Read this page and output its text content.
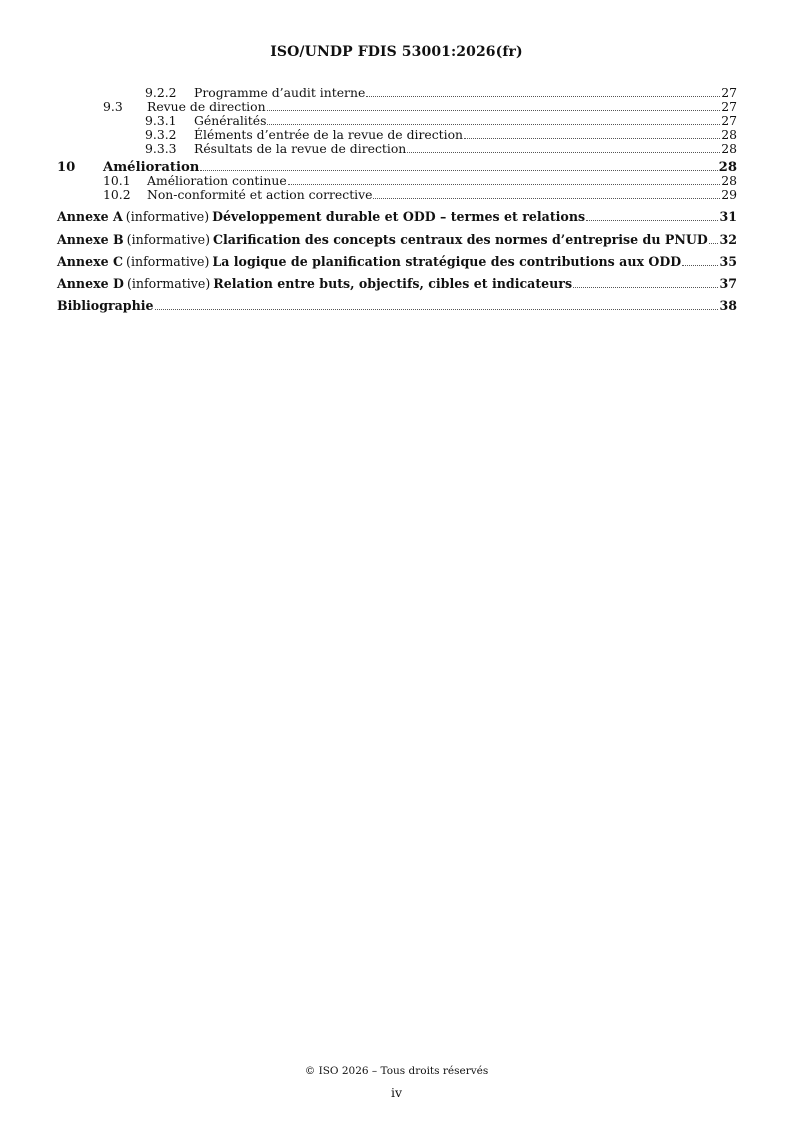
ISO/UNDP FDIS 53001:2026(fr)
9.2.2	Programme d’audit interne	27
9.3	Revue de direction	27
9.3.1	Généralités	27
9.3.2	Éléments d’entrée de la revue de direction	28
9.3.3	Résultats de la revue de direction	28
10	Amélioration	28
10.1	Amélioration continue	28
10.2	Non-conformité et action corrective	29
Annexe A (informative) Développement durable et ODD – termes et relations	31
Annexe B (informative) Clarification des concepts centraux des normes d’entreprise du PNUD 32
Annexe C (informative) La logique de planification stratégique des contributions aux ODD	35
Annexe D (informative) Relation entre buts, objectifs, cibles et indicateurs	37
Bibliographie	38
© ISO 2026 – Tous droits réservés
iv
